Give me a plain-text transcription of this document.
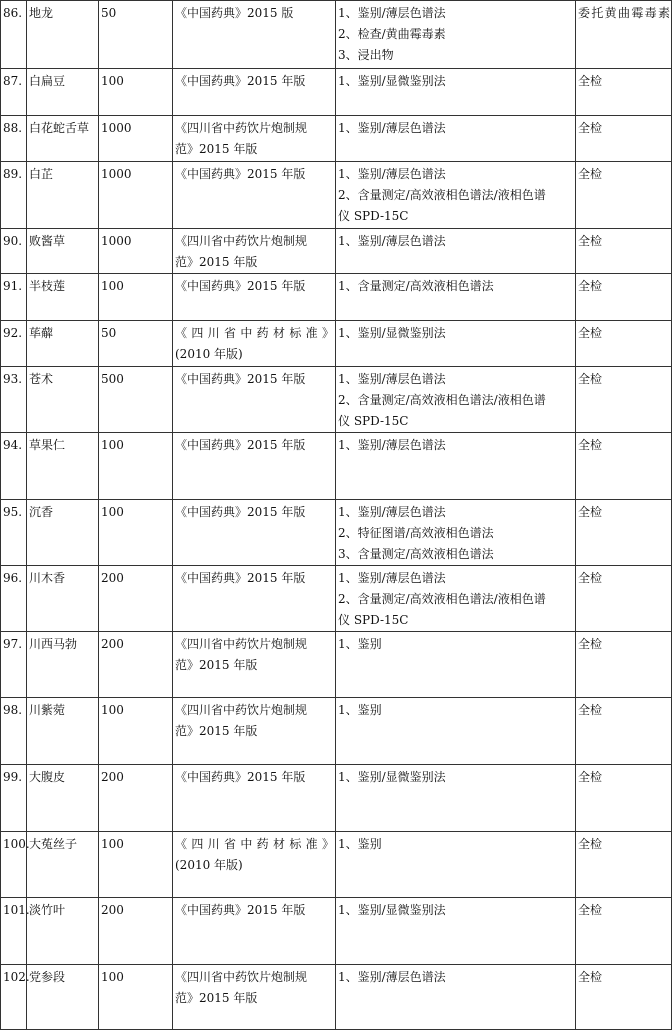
86.	地龙	50	《中国药典》2015 版	1、鉴别/薄层色谱法
2、检查/黄曲霉毒素
3、浸出物	委托黄曲霉毒素

87.	白扁豆	100	《中国药典》2015 年版	1、鉴别/显微鉴别法	全检
88.	白花蛇舌草	1000	《四川省中药饮片炮制规
范》2015 年版	1、鉴别/薄层色谱法	全检
89.	白芷	1000	《中国药典》2015 年版	1、鉴别/薄层色谱法
2、含量测定/高效液相色谱法/液相色谱
仪 SPD-15C	全检
90.	败酱草	1000	《四川省中药饮片炮制规
范》2015 年版	1、鉴别/薄层色谱法	全检
91.	半枝莲	100	《中国药典》2015 年版	1、含量测定/高效液相色谱法	全检
92.	荜薢	50	《四川省中药材标准》
(2010 年版)	1、鉴别/显微鉴别法	全检
93.	苍术	500	《中国药典》2015 年版	1、鉴别/薄层色谱法
2、含量测定/高效液相色谱法/液相色谱
仪 SPD-15C	全检
94.	草果仁	100	《中国药典》2015 年版	1、鉴别/薄层色谱法	全检
95.	沉香	100	《中国药典》2015 年版	1、鉴别/薄层色谱法
2、特征图谱/高效液相色谱法
3、含量测定/高效液相色谱法	全检
96.	川木香	200	《中国药典》2015 年版	1、鉴别/薄层色谱法
2、含量测定/高效液相色谱法/液相色谱
仪 SPD-15C	全检
97.	川西马勃	200	《四川省中药饮片炮制规
范》2015 年版	1、鉴别	全检
98.	川紫菀	100	《四川省中药饮片炮制规
范》2015 年版	1、鉴别	全检
99.	大腹皮	200	《中国药典》2015 年版	1、鉴别/显微鉴别法	全检
100.	大菟丝子	100	《四川省中药材标准》
(2010 年版)	1、鉴别	全检
101.	淡竹叶	200	《中国药典》2015 年版	1、鉴别/显微鉴别法	全检
102.	党参段	100	《四川省中药饮片炮制规
范》2015 年版	1、鉴别/薄层色谱法	全检
